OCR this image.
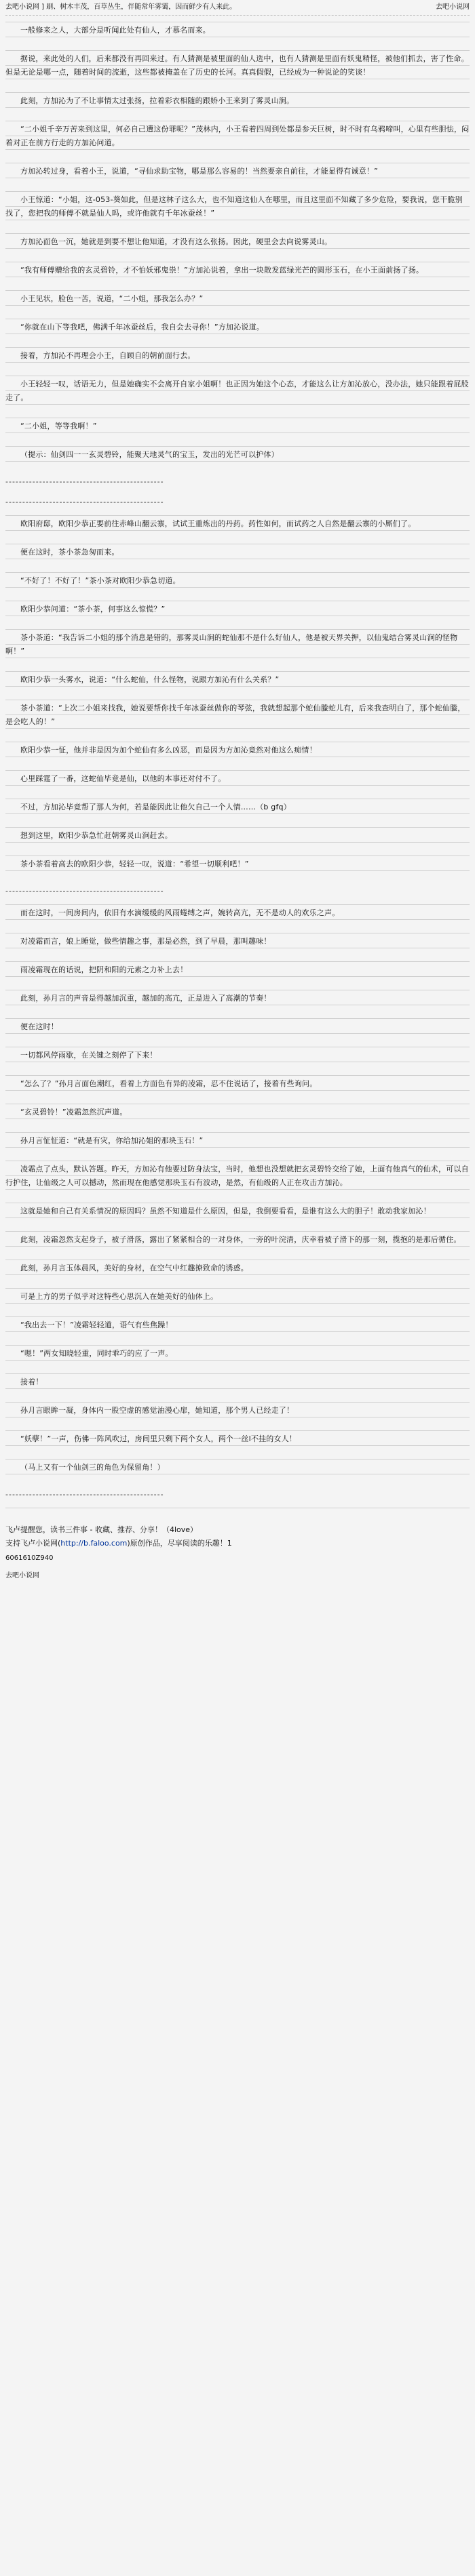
去吧小说网 ] 刷、树木丰茂，百草丛生，伴随常年雾霭，因而鲜少有人来此。	去吧小说网

一般修来之人，大部分是听闻此处有仙人，才慕名而来。

据说，来此处的人们，后来都没有再回来过。有人猜测是被里面的仙人选中，也有人猜测是里面有妖鬼精怪，被他们抓去，害了性命。但是无论是哪一点，随着时间的流逝，这些都被掩盖在了历史的长河。真真假假，已经成为一种说论的笑谈！

此刻，方加沁为了不让事情太过张扬，拉着彩衣相随的跟娇小王来到了雾灵山涧。

“二小姐千辛万苦来到这里，何必自己遭这份罪呢？”茂林内，小王看着四周到处都是参天巨树，时不时有乌鸦啼叫，心里有些胆怯，闷着对正在前方行走的方加沁问道。

方加沁转过身，看着小王，说道，“寻仙求助宝物，哪是那么容易的！当然要亲自前往，才能显得有诚意！”

小王惊道：“小姐，这-053-葵如此，但是这林子这么大，也不知道这仙人在哪里，而且这里面不知藏了多少危险，要我说，您干脆别找了，您把我的师傅不就是仙人吗，或许他就有千年冰蚕丝！”

方加沁面色一沉，她就是到要不想让他知道，才没有这么张扬。因此，硬里会去向说雾灵山。

“我有师傅赠给我的玄灵碧铃，才不怕妖邪鬼祟！”方加沁说着，拿出一块散发蓝绿光芒的圆形玉石，在小王面前扬了扬。

小王见状，脸色一苦，说道，“二小姐，那我怎么办？”

“你就在山下等我吧，佛满千年冰蚕丝后，我自会去寻你！”方加沁说道。

接着，方加沁不再理会小王，自顾自的朝前面行去。

小王轻轻一叹，话语无力，但是她确实不会离开自家小姐啊！也正因为她这个心态，才能这么让方加沁放心，没办法，她只能跟着屁股走了。

“二小姐，等等我啊！”

（提示：仙剑四一一玄灵碧铃，能聚天地灵气的宝玉，发出的光芒可以护体）

-----------------------------------------------
-----------------------------------------------

欧阳府邸，欧阳少恭正要前往赤峰山翻云寨，试试王重炼出的丹药。药性如何，而试药之人自然是翻云寨的小厮们了。

便在这时，茶小茶急匆而来。

“不好了！不好了！”茶小茶对欧阳少恭急切道。

欧阳少恭问道：“茶小茶，何事这么惊慌？”

茶小茶道：“我告诉二小姐的那个消息是错的，那雾灵山涧的蛇仙那不是什么好仙人，他是被天界关押，以仙鬼结合雾灵山涧的怪物啊！”

欧阳少恭一头雾水，说道：“什么蛇仙，什么怪物，说跟方加沁有什么关系？”

茶小茶道：“上次二小姐来找我，她说要帮你找千年冰蚕丝做你的琴弦，我就想起那个蛇仙螣蛇儿有，后来我查明白了，那个蛇仙螣，是会吃人的！”

欧阳少恭一怔，他并非是因为加个蛇仙有多么凶恶，而是因为方加沁竟然对他这么痴情！

心里踩霆了一番，这蛇仙毕竟是仙，以他的本事还对付不了。

不过，方加沁毕竟帮了那人为何，若是能因此让他欠自己一个人情……（b gfq）

想到这里，欧阳少恭急忙赶朝雾灵山涧赶去。

茶小茶看着高去的欧阳少恭，轻轻一叹，说道：“希望一切顺利吧！”

-----------------------------------------------

而在这时，一间房间内，依旧有水滴缓缓的风雨蜷缚之声，婉转高亢，无不是动人的欢乐之声。

对凌霜而言，娘上睡觉，做些情趣之事，那是必然，到了早晨，那叫趣味！

雨凌霜现在的话说，把阴和阳的元素之力补上去！

此刻，孙月言的声音是得越加沉重，越加的高亢，正是进入了高潮的节奏！

便在这时！

一切都风停雨歇，在关键之刻停了下来！

“怎么了？”孙月言面色潮红，看着上方面色有异的凌霜，忍不住说话了，接着有些询问。

“玄灵碧铃！”凌霜忽然沉声道。

孙月言怔怔道：“就是有灾，你给加沁姐的那块玉石！”

凌霜点了点头，默认答题。昨天，方加沁有他要过防身法宝，当时，他想也没想就把玄灵碧铃交给了她，上面有他真气的仙术，可以自行护住，让仙级之人可以撼动，然而现在他感觉那块玉石有波动，是然，有仙级的人正在攻击方加沁。

这就是她和自己有关系情况的原因吗？虽然不知道是什么原因，但是，我倒要看看，是谁有这么大的胆子！敢动我家加沁！

此刻，凌霜忽然支起身子，被子滑落，露出了紧紧相合的一对身体，一旁的叶浣清，庆幸看被子滑下的那一刻，揽抱的是那后循住。

此刻，孙月言玉体晨风，美好的身材，在空气中红趣撩致命的诱惑。

可是上方的男子似乎对这特些心思沉入在她美好的仙体上。

“我出去一下！”凌霜轻轻道，语气有些焦躁！

“嗯！”两女知晓轻重，同时乖巧的应了一声。

接着！

孙月言眼眸一凝，身体内一股空虚的感觉油漫心扉，她知道，那个男人已经走了！

“妖孽！”一声，伤佛一阵风吹过，房间里只剩下两个女人，两个一丝l不挂的女人！

（马上又有一个仙剑三的角色为保留角！）

-----------------------------------------------

飞卢提醒您，读书三件事 - 收藏、推荐、分享！（4love）
支持飞卢小说网(http://b.faloo.com)原创作品，尽享阅读的乐趣！1
6061610Z940
去吧小说网
